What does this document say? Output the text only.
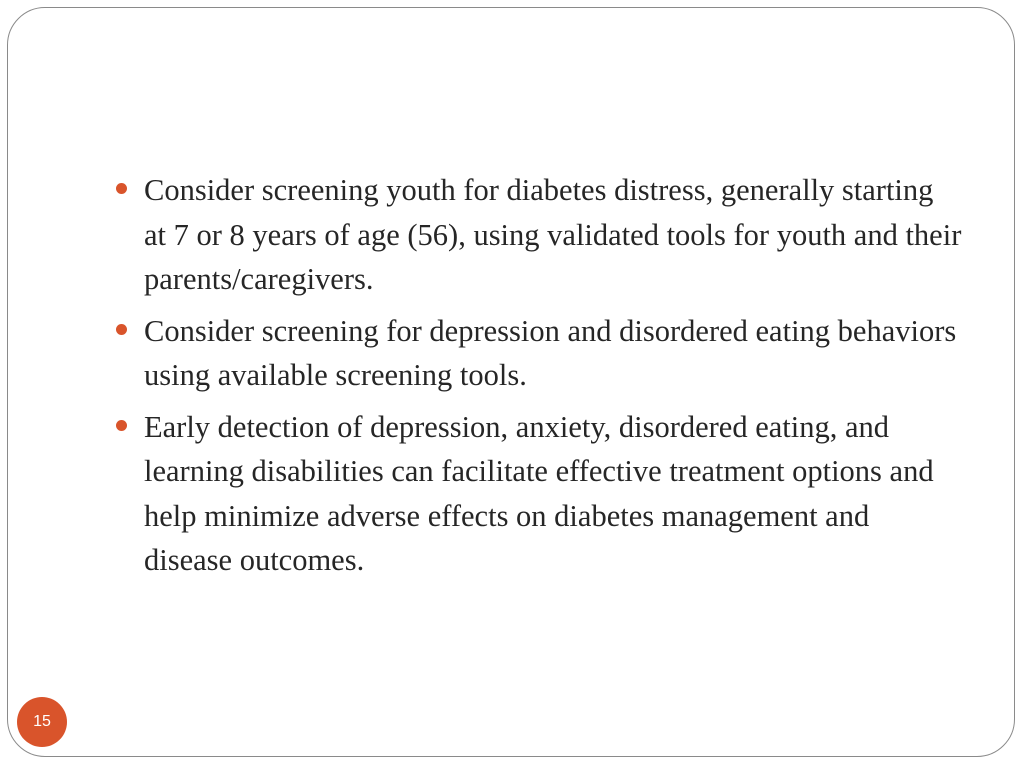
Consider screening youth for diabetes distress, generally starting at 7 or 8 years of age (56), using validated tools for youth and their parents/caregivers.
Consider screening for depression and disordered eating behaviors using available screening tools.
Early detection of depression, anxiety, disordered eating, and learning disabilities can facilitate effective treatment options and help minimize adverse effects on diabetes management and disease outcomes.
15
